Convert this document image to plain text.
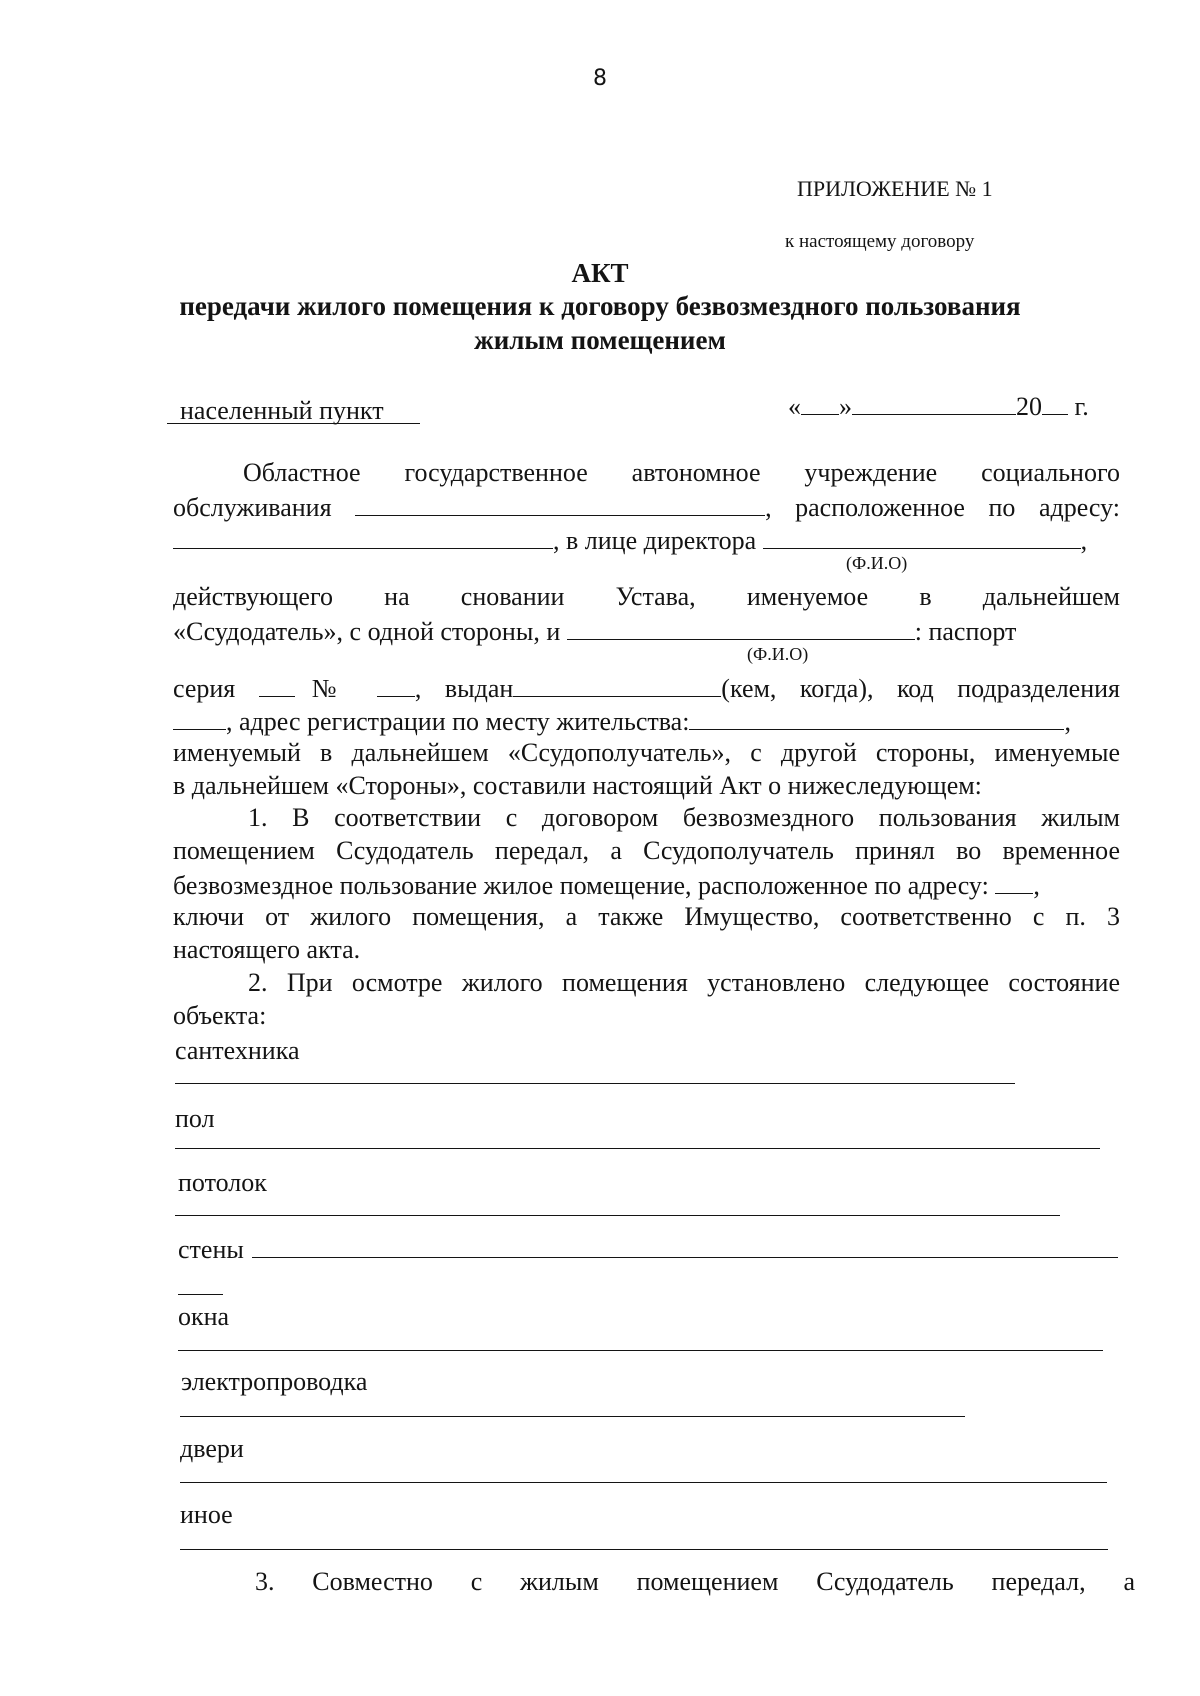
8
ПРИЛОЖЕНИЕ № 1
к настоящему договору
АКТ
передачи жилого помещения к договору безвозмездного пользования
жилым помещением
населенный пункт	« »	20 г.
Областное государственное автономное учреждение социального
обслуживания	, расположенное по адресу:
, в лице директора	,
(Ф.И.О)
действующего на сновании Устава, именуемое в дальнейшем
«Ссудодатель», с одной стороны, и	: паспорт
(Ф.И.О)
серия № , выдан	(кем, когда), код подразделения
, адрес регистрации по месту жительства:	,
именуемый в дальнейшем «Ссудополучатель», с другой стороны, именуемые
в дальнейшем «Стороны», составили настоящий Акт о нижеследующем:
1. В соответствии с договором безвозмездного пользования жилым
помещением Ссудодатель передал, а Ссудополучатель принял во временное
безвозмездное пользование жилое помещение, расположенное по адресу: ,
ключи от жилого помещения, а также Имущество, соответственно с п. 3
настоящего акта.
2. При осмотре жилого помещения установлено следующее состояние
объекта:
сантехника
пол
потолок
стены
окна
электропроводка
двери
иное
3. Совместно с жилым помещением Ссудодатель передал, а
